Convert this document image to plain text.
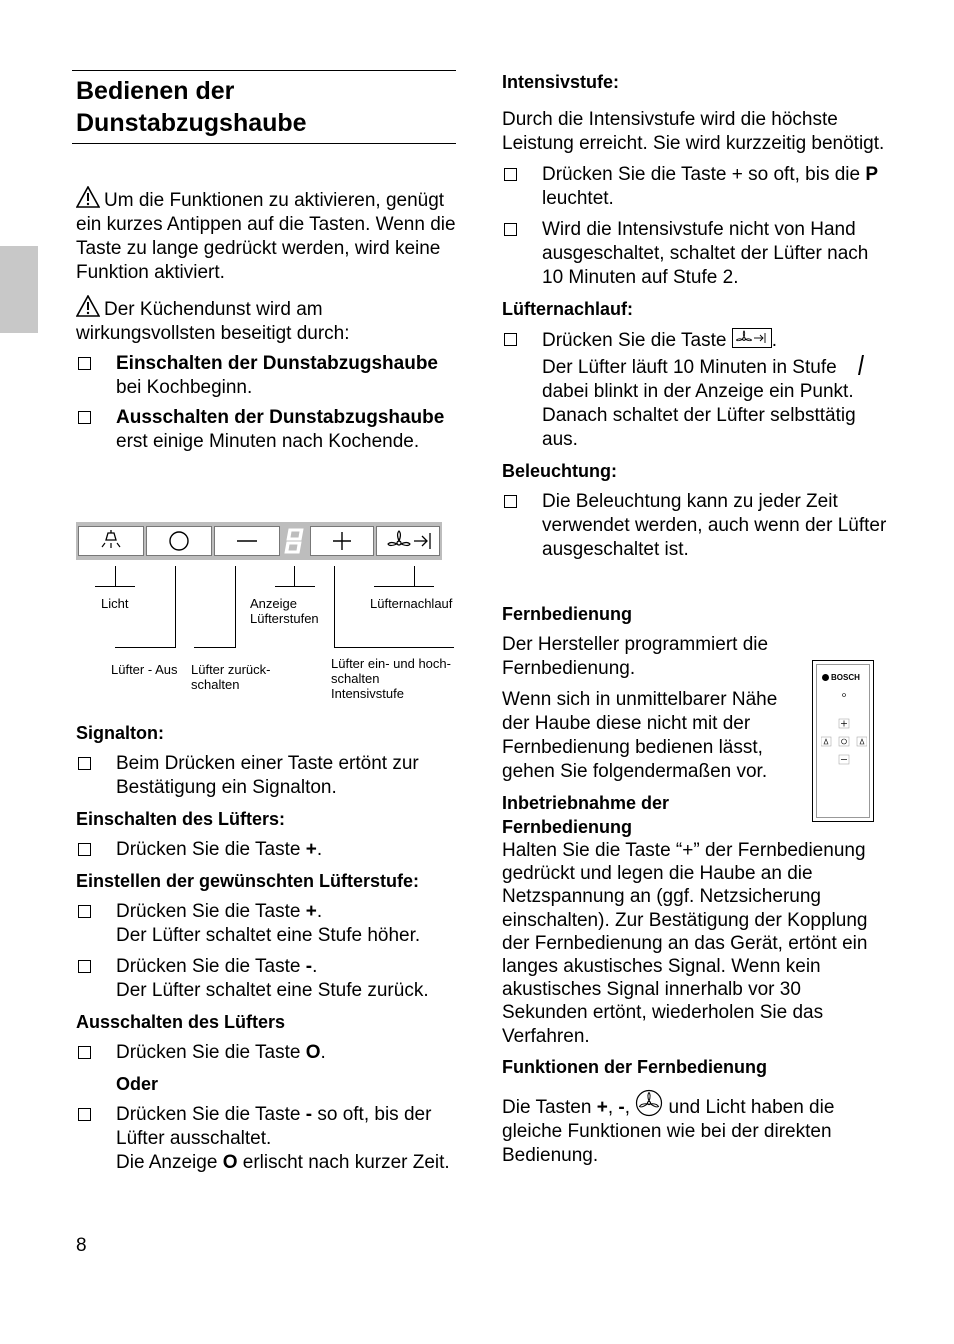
Bedienen der
Dunstabzugshaube

Um die Funktionen zu aktivieren, genügt ein kurzes Antippen auf die Tasten. Wenn die Taste zu lange gedrückt werden, wird keine Funktion aktiviert.

Der Küchendunst wird am wirkungsvollsten beseitigt durch:

Einschalten der Dunstabzugshaube bei Kochbeginn.
Ausschalten der Dunstabzugshaube erst einige Minuten nach Kochende.
Licht	Anzeige
Lüfterstufen
Lüfternachlauf
Lüfter - Aus Lüfter zurück-
schalten
Lüfter ein- und hoch-
schalten
Intensivstufe

Signalton:

Beim Drücken einer Taste ertönt zur Bestätigung ein Signalton.

Einschalten des Lüfters:

Drücken Sie die Taste +.

Einstellen der gewünschten Lüfterstufe:

Drücken Sie die Taste +.
Der Lüfter schaltet eine Stufe höher.
Drücken Sie die Taste -.
Der Lüfter schaltet eine Stufe zurück.

Ausschalten des Lüfters

Drücken Sie die Taste O.

Oder

Drücken Sie die Taste - so oft, bis der Lüfter ausschaltet.
Die Anzeige O erlischt nach kurzer Zeit.
8

Intensivstufe:

Durch die Intensivstufe wird die höchste Leistung erreicht. Sie wird kurzzeitig benötigt.

Drücken Sie die Taste + so oft, bis die P leuchtet.
Wird die Intensivstufe nicht von Hand ausgeschaltet, schaltet der Lüfter nach 10 Minuten auf Stufe 2.

Lüfternachlauf:

Drücken Sie die Taste .
Der Lüfter läuft 10 Minuten in Stufe
dabei blinkt in der Anzeige ein Punkt. Danach schaltet der Lüfter selbsttätig aus.

Beleuchtung:

Die Beleuchtung kann zu jeder Zeit verwendet werden, auch wenn der Lüfter ausgeschaltet ist.

Fernbedienung

Der Hersteller programmiert die Fernbedienung.

Wenn sich in unmittelbarer Nähe der Haube diese nicht mit der Fernbedienung bedienen lässt, gehen Sie folgendermaßen vor.

Inbetriebnahme der
Fernbedienung

Halten Sie die Taste “+” der Fernbedienung gedrückt und legen die Haube an die Netzspannung an (ggf. Netzsicherung einschalten). Zur Bestätigung der Kopplung der Fernbedienung an das Gerät, ertönt ein langes akustisches Signal. Wenn kein akustisches Signal innerhalb vor 30 Sekunden ertönt, wiederholen Sie das Verfahren.

Funktionen der Fernbedienung

Die Tasten +, -,  und Licht haben die gleiche Funktionen wie bei der direkten Bedienung.

BOSCH
